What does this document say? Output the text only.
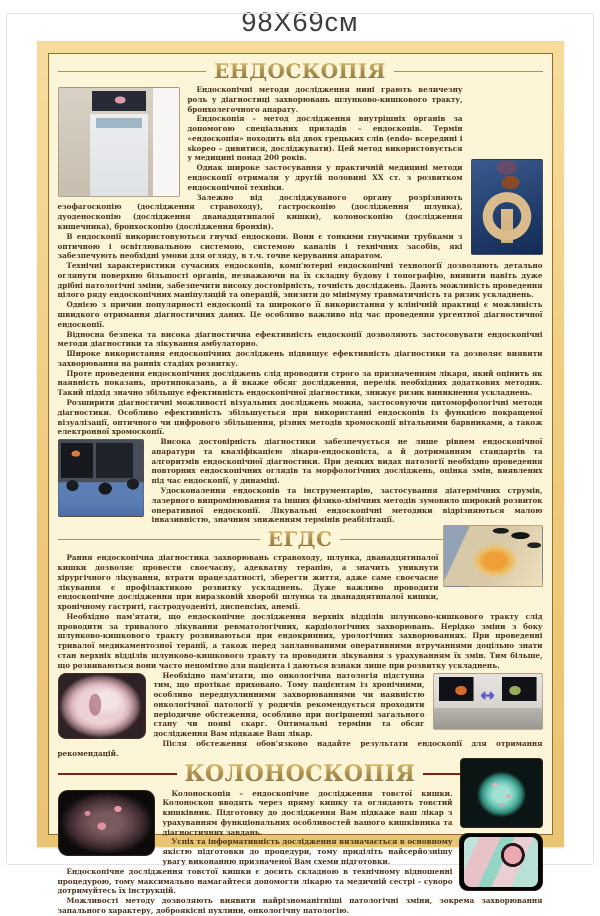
98Х69см
ЕНДОСКОПІЯ

Ендоскопічні методи дослідження нині грають величезну роль у діагностиці захворювань шлунково-кишкового тракту, бронхолегочного апарату.

Ендоскопія – метод дослідження внутрішніх органів за допомогою спеціальних приладів – ендоскопів. Термін «ендоскопія» походить від двох грецьких слів (endo- всередині і skopeo – дивитися, досліджувати). Цей метод використовується у медицині понад 200 років.

Однак широке застосування у практичній медицині методи ендоскопії отримали у другій половині ХХ ст. з розвитком ендоскопічної техніки.

Залежно від досліджуваного органу розрізняють езофагоскопію (дослідження стравоходу), гастроскопію (дослідження шлунка), дуоденоскопію (дослідження дванадцятипалої кишки), колоноскопію (дослідження кишечника), бронхоскопію (дослідження бронхів).

В ендоскопії використовуються гнучкі ендоскопи. Вони є тонкими гнучкими трубками з оптичною і освітлювальною системою, системою каналів і технічних засобів, які забезпечують необхідні умови для огляду, в т.ч. точне керування апаратом.

Технічні характеристики сучасних ендоскопів, комп'ютерні ендоскопічні технології дозволяють детально оглянути поверхню більшості органів, незважаючи на їх складну будову і топографію, виявити навіть дуже дрібні патологічні зміни, забезпечити високу достовірність, точність досліджень. Дають можливість проведення цілого ряду ендоскопічних маніпуляцій та операцій, знизити до мінімуму травматичність та ризик ускладнень.

Однією з причин популярності ендоскопії та широкого її використання у клінічній практиці є можливість швидкого отримання діагностичних даних. Це особливо важливо під час проведення ургентної діагностичної ендоскопії.

Відносна безпека та висока діагностична ефективність ендоскопії дозволяють застосовувати ендоскопічні методи діагностики та лікування амбулаторно.

Широке використання ендоскопічних досліджень підвищує ефективність діагностики та дозволяє виявити захворювання на ранніх стадіях розвитку.

Проте проведення ендоскопічних досліджень слід проводити строго за призначенням лікаря, який оцінить як наявність показань, протипоказань, а й вкаже обсяг дослідження, перелік необхідних додаткових методик. Такий підхід значно збільшує ефективність ендоскопічної діагностики, знижує ризик виникнення ускладнень.

Розширити діагностичні можливості візуальних досліджень можна, застосовуючи цитоморфологічні методи діагностики. Особливо ефективність збільшується при використанні ендоскопів із функцією покращеної візуалізації, оптичного чи цифрового збільшення, різних методів хромоскопії вітальними барвниками, а також електронної хромоскопії.

Висока достовірність діагностики забезпечується не лише рівнем ендоскопічної апаратури та кваліфікацією лікаря-ендоскопіста, а й дотриманням стандартів та алгоритмів ендоскопічної діагностики. При деяких видах патології необхідно проведення повторних ендоскопічних оглядів та морфологічних досліджень, оцінка змін, виявлених під час ендоскопії, у динаміці.

Удосконалення ендоскопів та інструментарію, застосування діатермічних струмів, лазерного випромінювання та інших фізико-хімічних методів зумовило широкий розвиток оперативної ендоскопії. Лікувальні ендоскопічні методики відрізняються малою інвазивністю, значним зниженням термінів реабілітації.

ЕГДС

Рання ендоскопічна діагностика захворювань стравоходу, шлунка, дванадцятипалої кишки дозволяє провести своєчасну, адекватну терапію, а значить уникнути хірургічного лікування, втрати працездатності, зберегти життя, адже саме своєчасне лікування є профілактикою розвитку ускладнень. Дуже важливо проводити ендоскопічне дослідження при виразковій хворобі шлунка та дванадцятипалої кишки, хронічному гастриті, гастродуоденіті, диспепсіях, анемії.

Необхідно пам'ятати, що ендоскопічне дослідження верхніх відділів шлунково-кишкового тракту слід проводити за тривалого лікування ревматологічних, кардіологічних захворювань. Нерідко зміни з боку шлунково-кишкового тракту розвиваються при ендокринних, урологічних захворюваннях. При проведенні тривалої медикаментозної терапії, а також перед запланованими оперативними втручаннями доцільно знати стан верхніх відділів шлунково-кишкового тракту та проводити лікування з урахуванням їх змін. Тим більше, що розвиваються вони часто непомітно для пацієнта і даються взнаки лише при розвитку ускладнень.

↔

Необхідно пам'ятати, що онкологічна патологія підступна тим, що протікає приховано. Тому пацієнтам із хронічними, особливо передпухлинними захворюваннями чи наявністю онкологічної патології у родичів рекомендується проходити періодичне обстеження, особливо при погіршенні загального стану чи появі скарг. Оптимальні терміни та обсяг дослідження Вам підкаже Ваш лікар.

Після обстеження обов'язково надайте результати ендоскопії для отримання рекомендацій.

КОЛОНОСКОПІЯ

Колоноскопія – ендоскопічне дослідження товстої кишки. Колоноскоп вводять через пряму кишку та оглядають товстий кишківник. Підготовку до дослідження Вам підкаже ваш лікар з урахуванням функціональних особливостей вашого кишківника та діагностичних завдань.

Успіх та інформативність дослідження визначається в основному якістю підготовки до процедури, тому приділіть найсерйознішу увагу виконанню призначеної Вам схеми підготовки.

Ендоскопічне дослідження товстої кишки є досить складною в технічному відношенні процедурою, тому максимально намагайтеся допомогти лікарю та медичній сестрі - суворо дотримуйтесь їх інструкцій.

Можливості методу дозволяють виявити найрізноманітніші патологічні зміни, зокрема захворювання запального характеру, доброякісні пухлини, онкологічну патологію.
